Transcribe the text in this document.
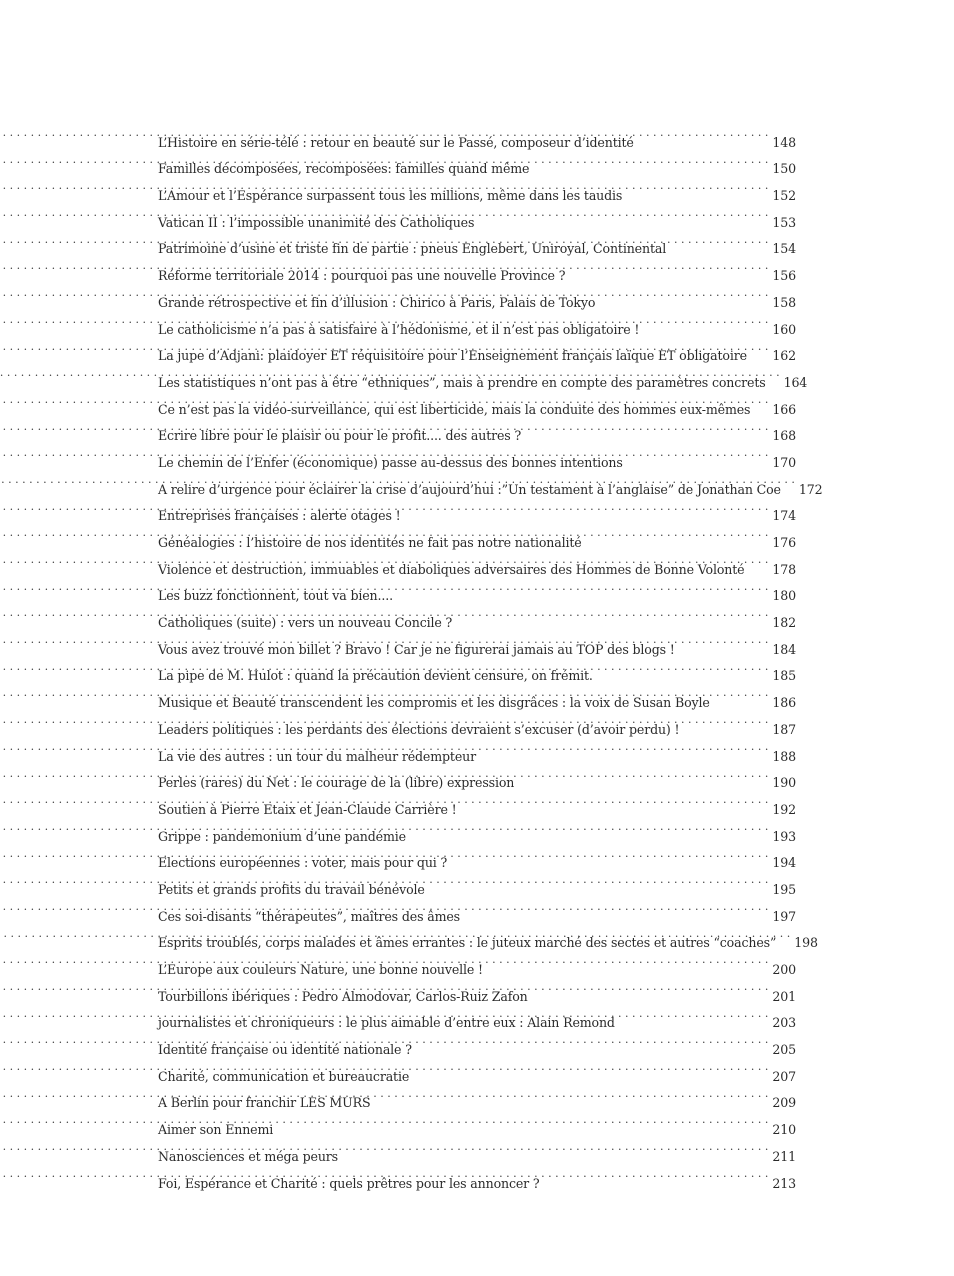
L’Histoire en série-télé : retour en beauté sur le Passé, composeur d’identité . . .	148
Familles décomposées, recomposées: familles quand même . . .	150
L’Amour et l’Espérance surpassent tous les millions, même dans les taudis . . .	152
Vatican II : l’impossible unanimité des Catholiques . . .	153
Patrimoine d’usine et triste fin de partie : pneus Englebert, Uniroyal, Continental . . .	154
Réforme territoriale 2014 : pourquoi pas une nouvelle Province ? . . .	156
Grande rétrospective et fin d’illusion : Chirico à Paris, Palais de Tokyo . . .	158
Le catholicisme n’a pas à satisfaire à l’hédonisme, et il n’est pas obligatoire ! . . .	160
La jupe d’Adjani: plaidoyer ET réquisitoire pour l’Enseignement français laïque ET obligatoire . . .	162
Les statistiques n’ont pas à être “ethniques”, mais à prendre en compte des paramètres concrets . . .	164
Ce n’est pas la vidéo-surveillance, qui est liberticide, mais la conduite des hommes eux-mêmes . . .	166
Ecrire libre pour le plaisir ou pour le profit.... des autres ? . . .	168
Le chemin de l’Enfer (économique) passe au-dessus des bonnes intentions . . .	170
A relire d’urgence pour éclairer la crise d’aujourd’hui :”Un testament à l’anglaise” de Jonathan Coe . . .	172
Entreprises françaises : alerte otages ! . . .	174
Généalogies : l’histoire de nos identités ne fait pas notre nationalité . . .	176
Violence et destruction, immuables et diaboliques adversaires des Hommes de Bonne Volonté . . .	178
Les buzz fonctionnent, tout va bien.... . . .	180
Catholiques (suite) : vers un nouveau Concile ? . . .	182
Vous avez trouvé mon billet ? Bravo ! Car je ne figurerai jamais au TOP des blogs ! . . .	184
La pipe de M. Hulot : quand la précaution devient censure, on frémit. . . .	185
Musique et Beauté transcendent les compromis et les disgrâces : la voix de Susan Boyle . . .	186
Leaders politiques : les perdants des élections devraient s’excuser (d’avoir perdu) ! . . .	187
La vie des autres : un tour du malheur rédempteur . . .	188
Perles (rares) du Net : le courage de la (libre) expression . . .	190
Soutien à Pierre Etaix et Jean-Claude Carrière ! . . .	192
Grippe : pandemonium d’une pandémie . . .	193
Elections européennes : voter, mais pour qui ? . . .	194
Petits et grands profits du travail bénévole . . .	195
Ces soi-disants “thérapeutes”, maîtres des âmes . . .	197
Esprits troublés, corps malades et âmes errantes : le juteux marché des sectes et autres “coaches” . . .	198
L’Europe aux couleurs Nature, une bonne nouvelle ! . . .	200
Tourbillons ibériques : Pedro Almodovar, Carlos-Ruiz Zafon . . .	201
journalistes et chroniqueurs : le plus aimable d’entre eux : Alain Remond . . .	203
Identité française ou identité nationale ? . . .	205
Charité, communication et bureaucratie . . .	207
A Berlin pour franchir LES MURS . . .	209
Aimer son Ennemi . . .	210
Nanosciences et méga peurs . . .	211
Foi, Espérance et Charité : quels prêtres pour les annoncer ? . . .	213
